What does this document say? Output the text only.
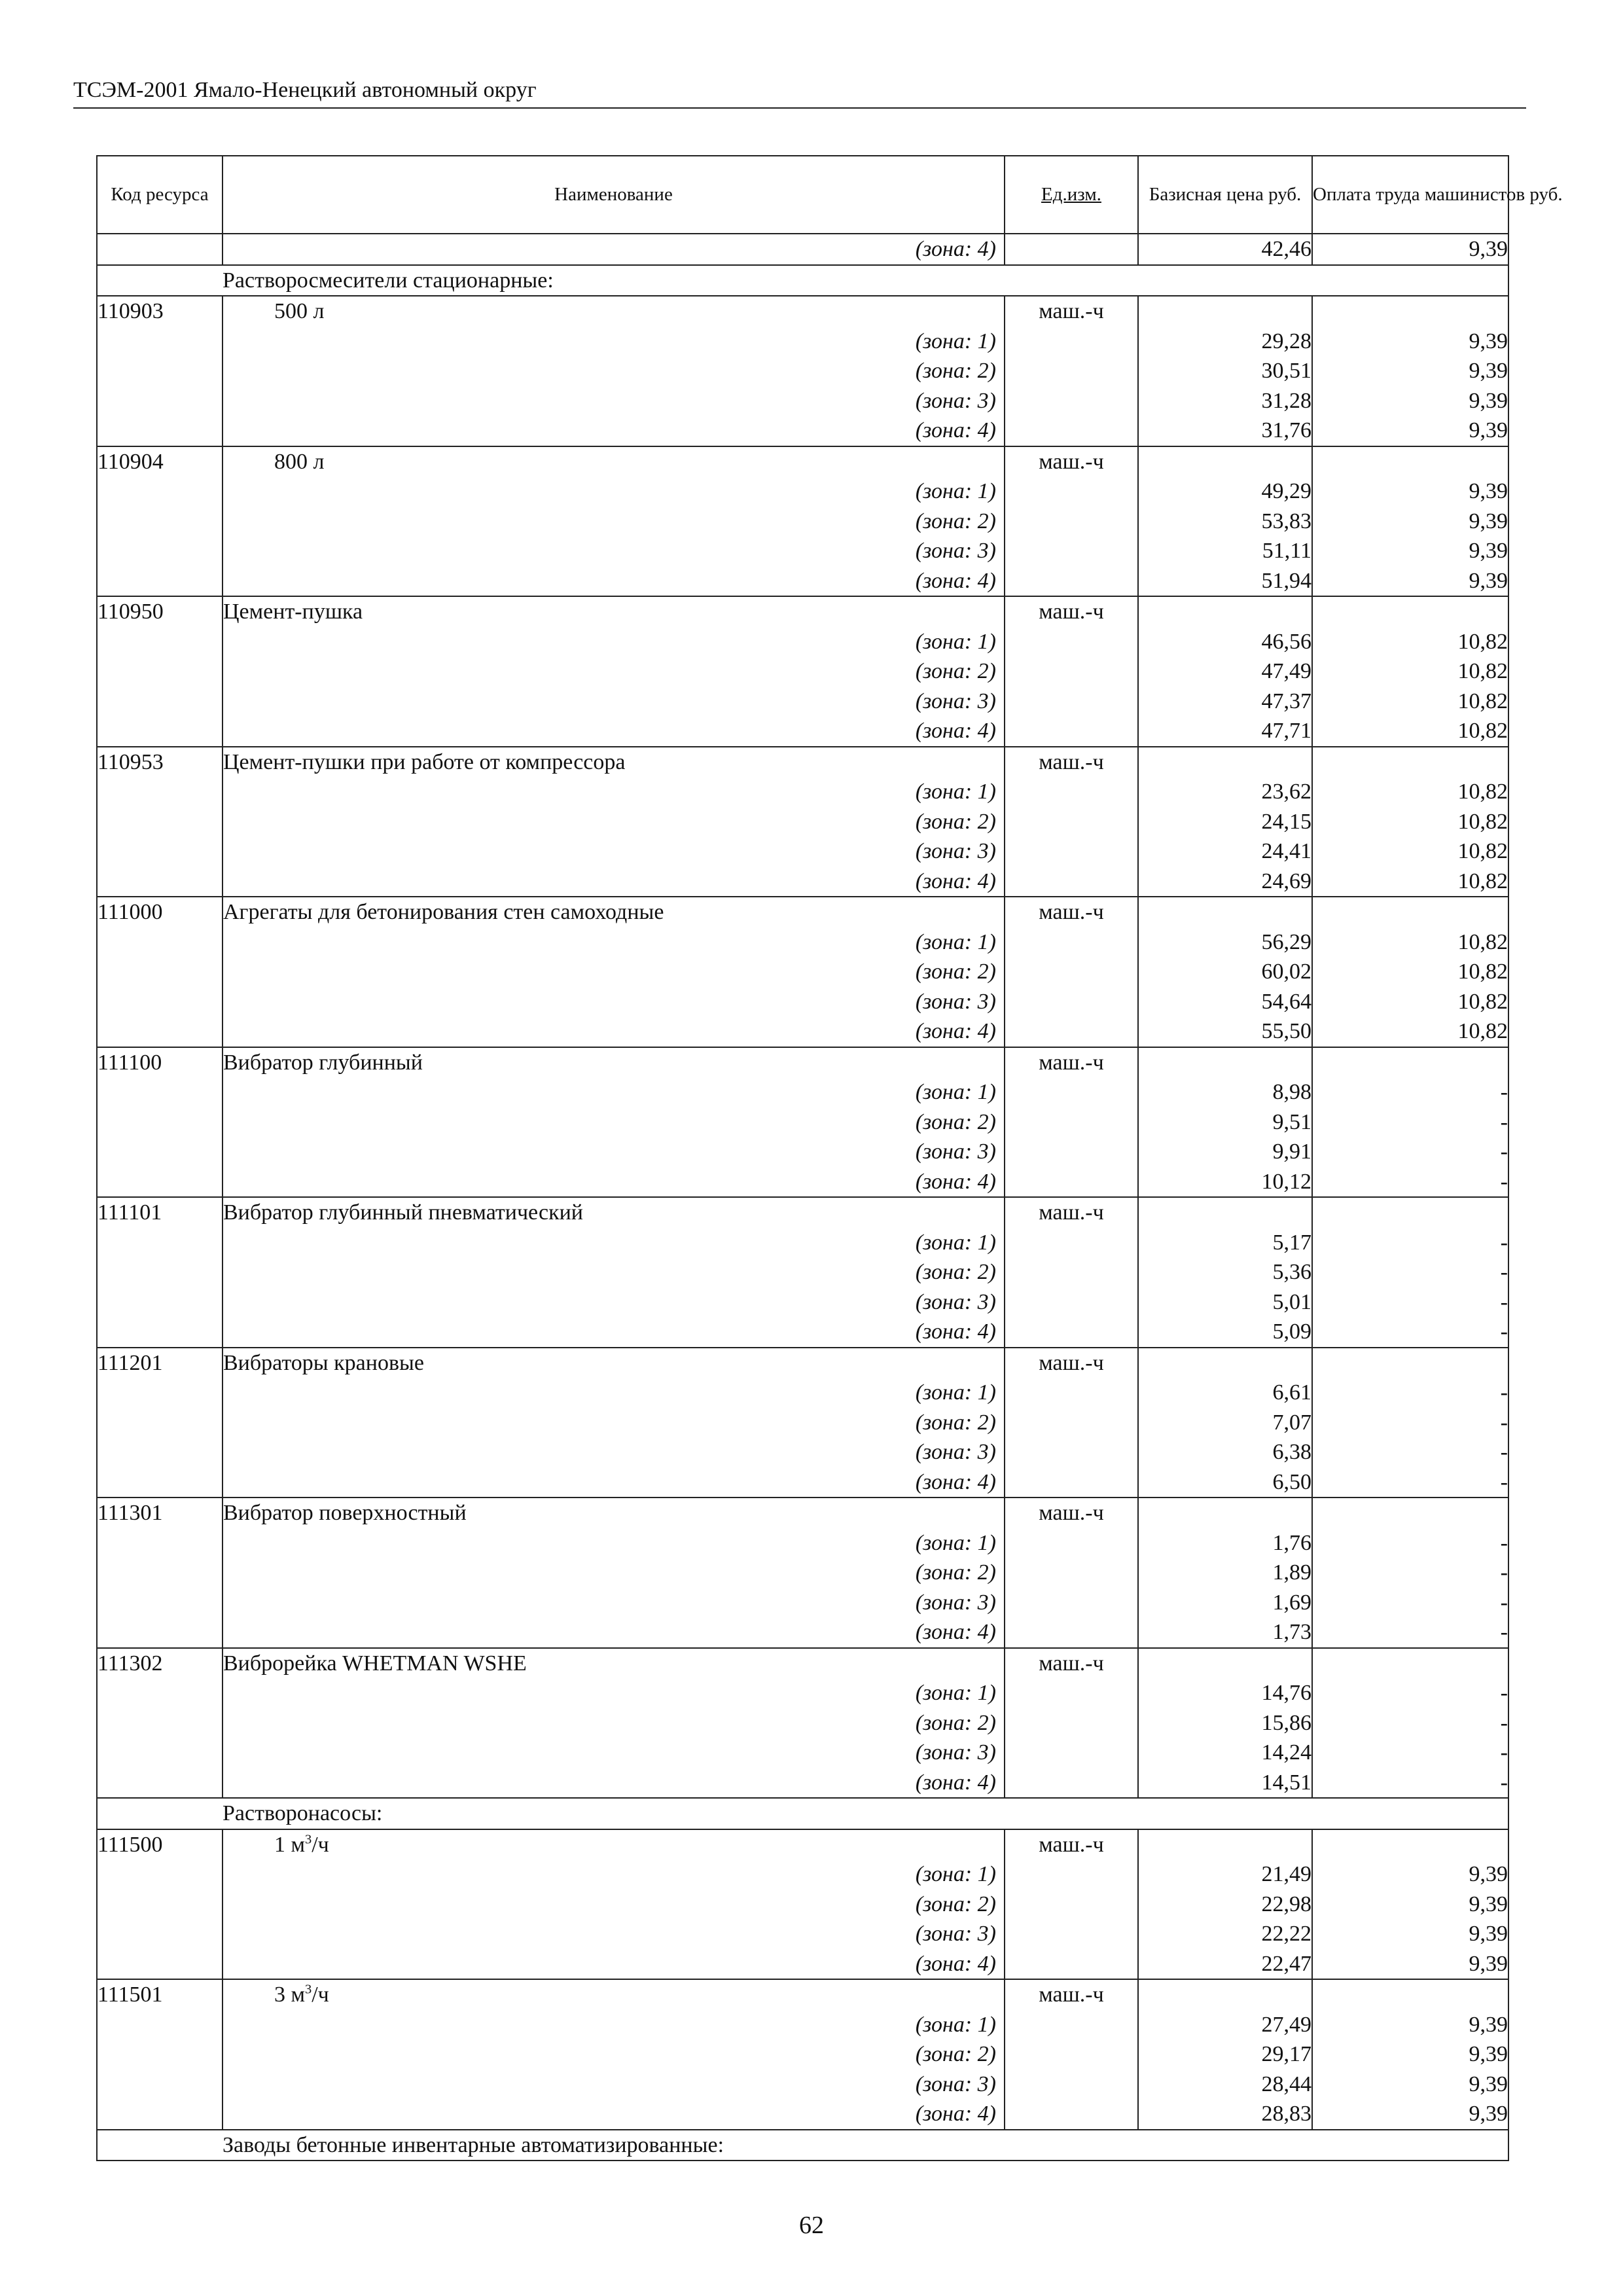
ТСЭМ-2001 Ямало-Ненецкий автономный округ
Код ресурса	Наименование	Ед.изм.	Базисная цена руб.	Оплата труда машинистов руб.
	(зона: 4)		42,46	9,39
	Растворосмесители стационарные:			
110903	500 л	маш.-ч		
	(зона: 1)		29,28	9,39
	(зона: 2)		30,51	9,39
	(зона: 3)		31,28	9,39
	(зона: 4)		31,76	9,39
110904	800 л	маш.-ч		
	(зона: 1)		49,29	9,39
	(зона: 2)		53,83	9,39
	(зона: 3)		51,11	9,39
	(зона: 4)		51,94	9,39
110950	Цемент-пушка	маш.-ч		
	(зона: 1)		46,56	10,82
	(зона: 2)		47,49	10,82
	(зона: 3)		47,37	10,82
	(зона: 4)		47,71	10,82
110953	Цемент-пушки при работе от компрессора	маш.-ч		
	(зона: 1)		23,62	10,82
	(зона: 2)		24,15	10,82
	(зона: 3)		24,41	10,82
	(зона: 4)		24,69	10,82
111000	Агрегаты для бетонирования стен самоходные	маш.-ч		
	(зона: 1)		56,29	10,82
	(зона: 2)		60,02	10,82
	(зона: 3)		54,64	10,82
	(зона: 4)		55,50	10,82
111100	Вибратор глубинный	маш.-ч		
	(зона: 1)		8,98	-
	(зона: 2)		9,51	-
	(зона: 3)		9,91	-
	(зона: 4)		10,12	-
111101	Вибратор глубинный пневматический	маш.-ч		
	(зона: 1)		5,17	-
	(зона: 2)		5,36	-
	(зона: 3)		5,01	-
	(зона: 4)		5,09	-
111201	Вибраторы крановые	маш.-ч		
	(зона: 1)		6,61	-
	(зона: 2)		7,07	-
	(зона: 3)		6,38	-
	(зона: 4)		6,50	-
111301	Вибратор поверхностный	маш.-ч		
	(зона: 1)		1,76	-
	(зона: 2)		1,89	-
	(зона: 3)		1,69	-
	(зона: 4)		1,73	-
111302	Виброрейка WHETMAN WSHE	маш.-ч		
	(зона: 1)		14,76	-
	(зона: 2)		15,86	-
	(зона: 3)		14,24	-
	(зона: 4)		14,51	-
	Растворонасосы:			
111500	1 $м^3/ч$	маш.-ч		
	(зона: 1)		21,49	9,39
	(зона: 2)		22,98	9,39
	(зона: 3)		22,22	9,39
	(зона: 4)		22,47	9,39
111501	3 $м^3/ч$	маш.-ч		
	(зона: 1)		27,49	9,39
	(зона: 2)		29,17	9,39
	(зона: 3)		28,44	9,39
	(зона: 4)		28,83	9,39
	Заводы бетонные инвентарные автоматизированные:			
62
